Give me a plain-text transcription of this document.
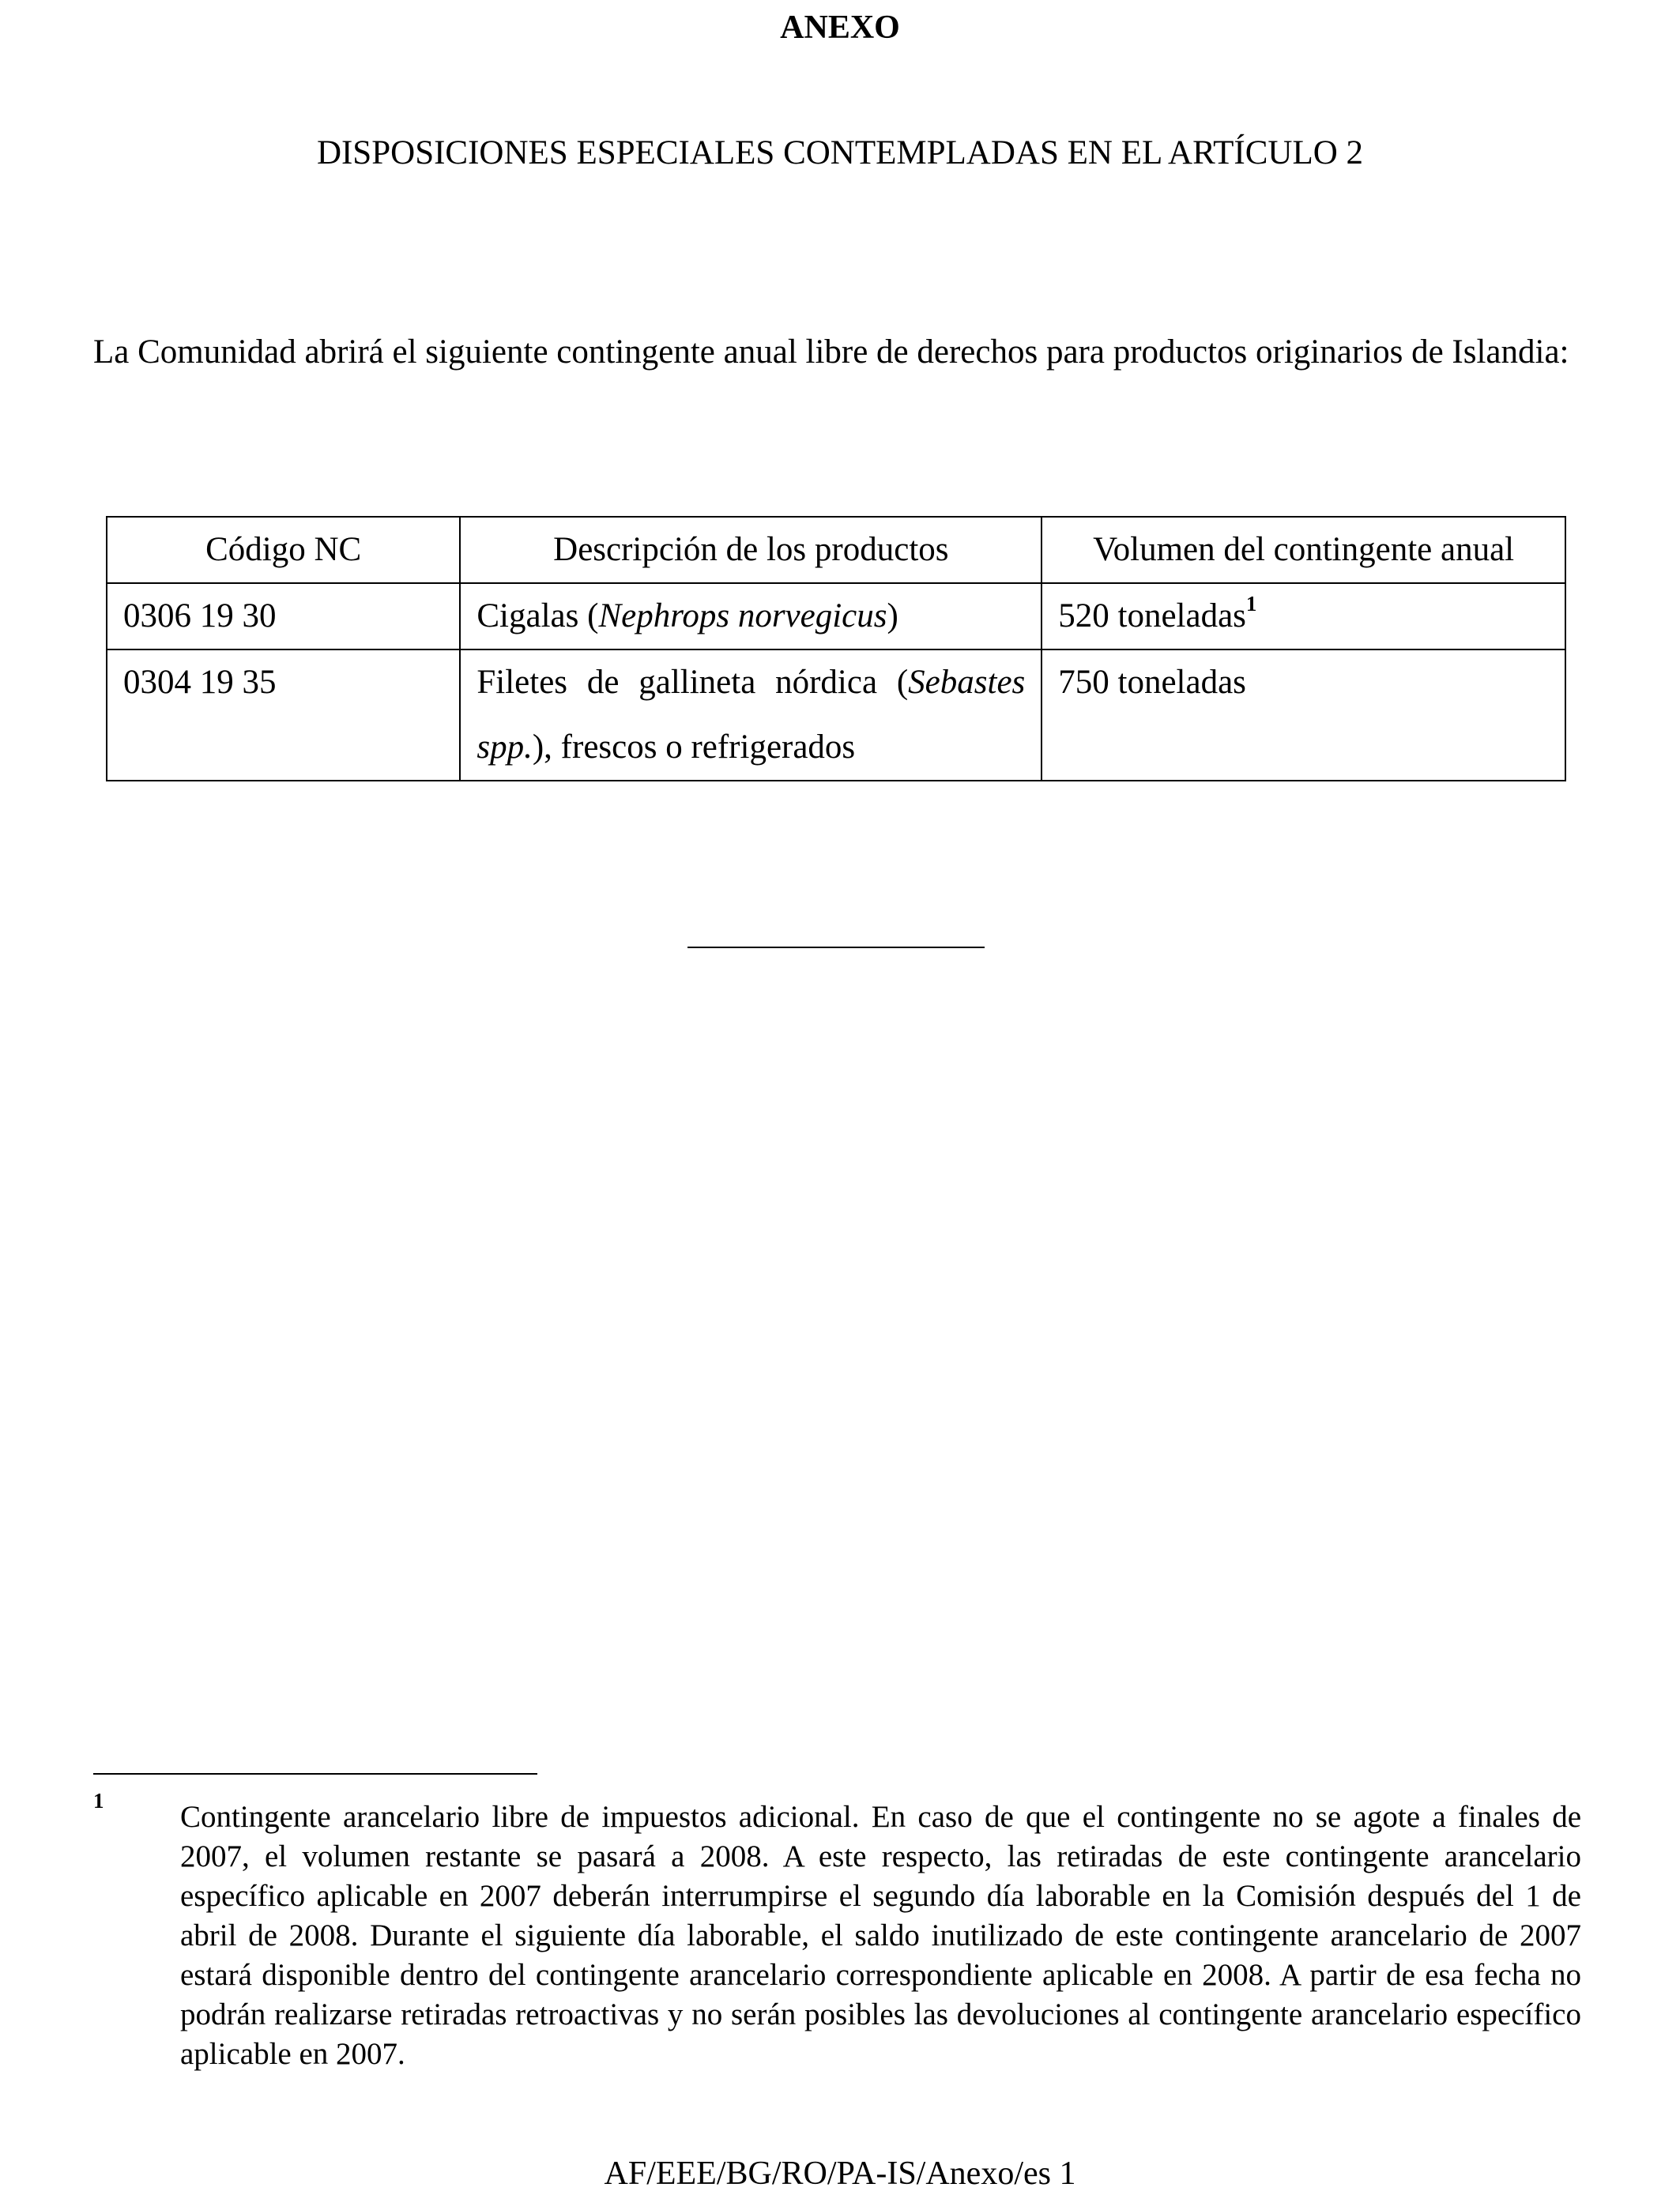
ANEXO
DISPOSICIONES ESPECIALES CONTEMPLADAS EN EL ARTÍCULO 2
La Comunidad abrirá el siguiente contingente anual libre de derechos para productos originarios de Islandia:
Código NC	Descripción de los productos	Volumen del contingente anual
0306 19 30	Cigalas (Nephrops norvegicus)	520 toneladas$^1$
0304 19 35	Filetes de gallineta nórdica (Sebastes spp.), frescos o refrigerados	750 toneladas
1 Contingente arancelario libre de impuestos adicional. En caso de que el contingente no se agote a finales de 2007, el volumen restante se pasará a 2008. A este respecto, las retiradas de este contingente arancelario específico aplicable en 2007 deberán interrumpirse el segundo día laborable en la Comisión después del 1 de abril de 2008. Durante el siguiente día laborable, el saldo inutilizado de este contingente arancelario de 2007 estará disponible dentro del contingente arancelario correspondiente aplicable en 2008. A partir de esa fecha no podrán realizarse retiradas retroactivas y no serán posibles las devoluciones al contingente arancelario específico aplicable en 2007.
AF/EEE/BG/RO/PA-IS/Anexo/es 1
